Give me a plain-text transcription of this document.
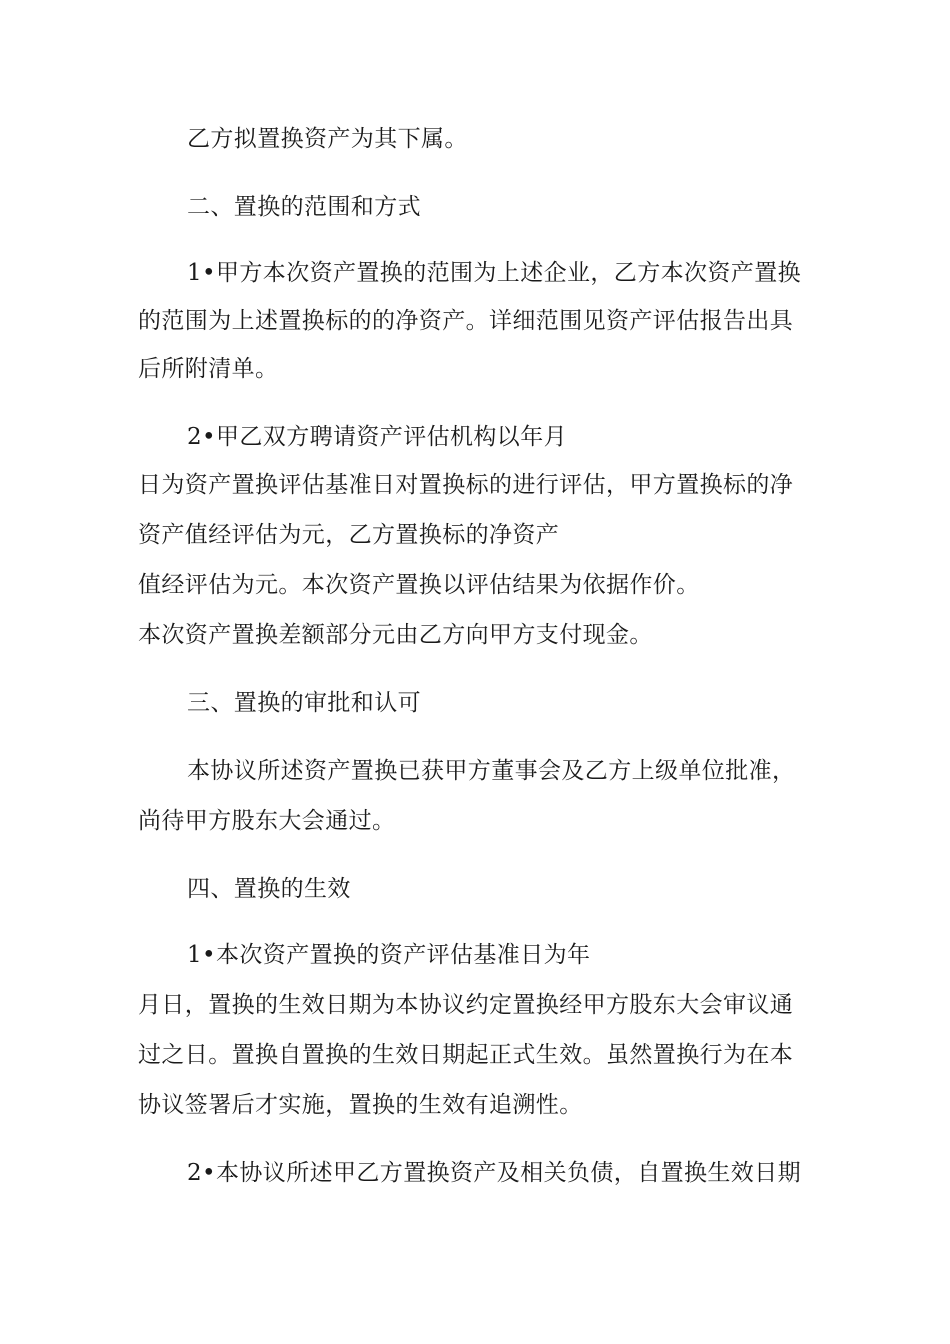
乙方拟置换资产为其下属。
二、置换的范围和方式
1•甲方本次资产置换的范围为上述企业，乙方本次资产置换
的范围为上述置换标的的净资产。详细范围见资产评估报告出具
后所附清单。
2•甲乙双方聘请资产评估机构以年月
日为资产置换评估基准日对置换标的进行评估，甲方置换标的净
资产值经评估为元，乙方置换标的净资产
值经评估为元。本次资产置换以评估结果为依据作价。
本次资产置换差额部分元由乙方向甲方支付现金。
三、置换的审批和认可
本协议所述资产置换已获甲方董事会及乙方上级单位批准，
尚待甲方股东大会通过。
四、置换的生效
1•本次资产置换的资产评估基准日为年
月日，置换的生效日期为本协议约定置换经甲方股东大会审议通
过之日。置换自置换的生效日期起正式生效。虽然置换行为在本
协议签署后才实施，置换的生效有追溯性。
2•本协议所述甲乙方置换资产及相关负债，自置换生效日期
